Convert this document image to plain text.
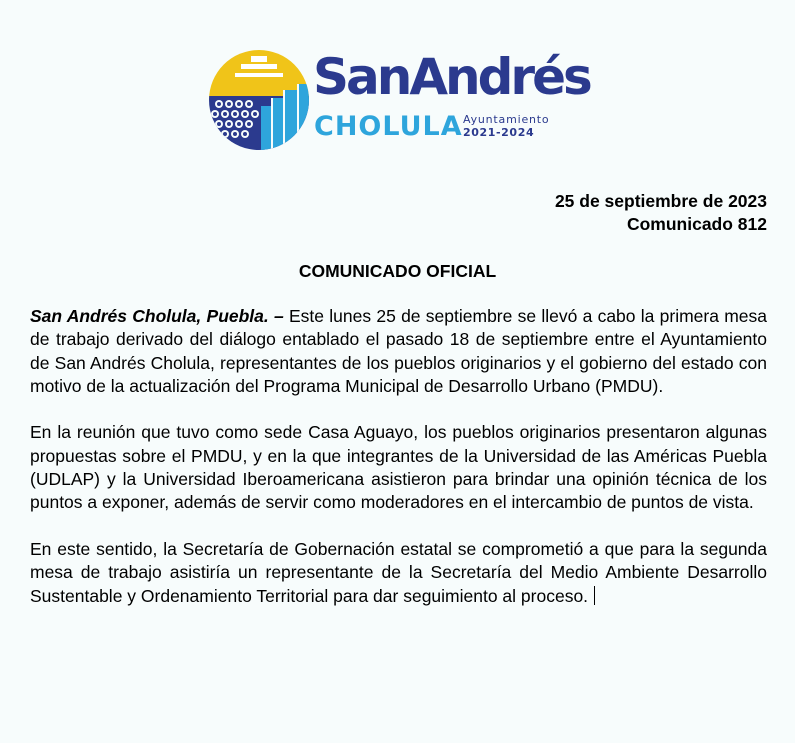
SanAndrés
CHOLULA Ayuntamiento
2021-2024
25 de septiembre de 2023
Comunicado 812
COMUNICADO OFICIAL

San Andrés Cholula, Puebla. – Este lunes 25 de septiembre se llevó a cabo la primera mesa de trabajo derivado del diálogo entablado el pasado 18 de septiembre entre el Ayuntamiento de San Andrés Cholula, representantes de los pueblos originarios y el gobierno del estado con motivo de la actualización del Programa Municipal de Desarrollo Urbano (PMDU).

En la reunión que tuvo como sede Casa Aguayo, los pueblos originarios presentaron algunas propuestas sobre el PMDU, y en la que integrantes de la Universidad de las Américas Puebla (UDLAP) y la Universidad Iberoamericana asistieron para brindar una opinión técnica de los puntos a exponer, además de servir como moderadores en el intercambio de puntos de vista.

En este sentido, la Secretaría de Gobernación estatal se comprometió a que para la segunda mesa de trabajo asistiría un representante de la Secretaría del Medio Ambiente Desarrollo Sustentable y Ordenamiento Territorial para dar seguimiento al proceso.
